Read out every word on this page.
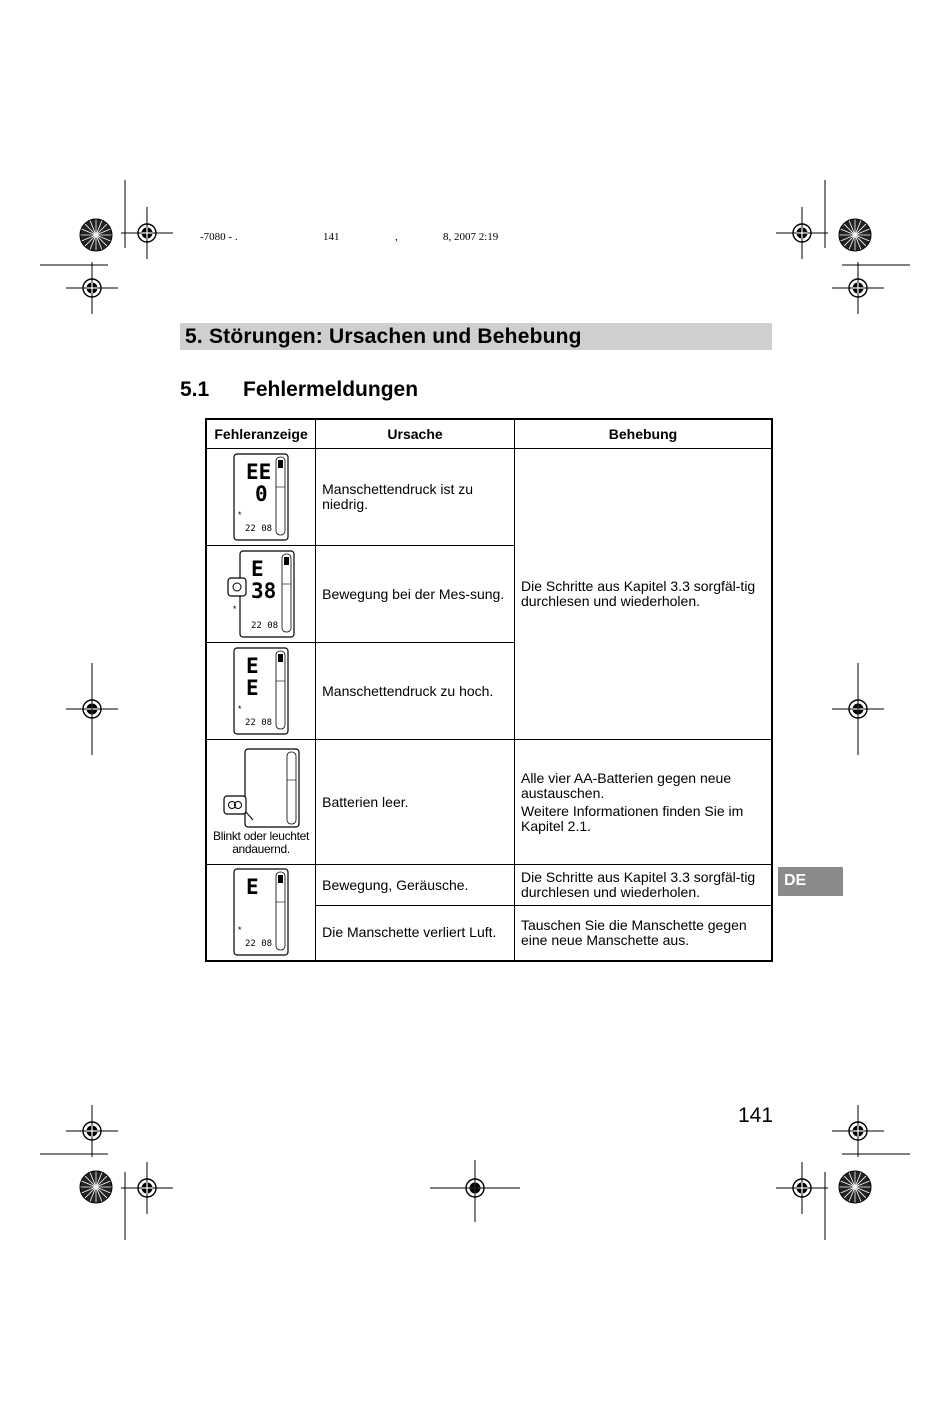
-7080 - .	141	,	8, 2007 2:19
5. Störungen: Ursachen und Behebung
5.1 Fehlermeldungen
Fehleranzeige	Ursache	Behebung

EE
0
*
22 08	Manschettendruck ist zu niedrig.	Die Schritte aus Kapitel 3.3 sorgfäl-tig durchlesen und wiederholen.

E
38
*
22 08	Bewegung bei der Mes-sung.	

E
E
*
22 08	Manschettendruck zu hoch.	

Blinkt oder leuchtet andauernd.	Batterien leer.	Alle vier AA-Batterien gegen neue austauschen.
Weitere Informationen finden Sie im Kapitel 2.1.

E
*
22 08	Bewegung, Geräusche.	Die Schritte aus Kapitel 3.3 sorgfäl-tig durchlesen und wiederholen.
	Die Manschette verliert Luft.	Tauschen Sie die Manschette gegen eine neue Manschette aus.
DE
141
